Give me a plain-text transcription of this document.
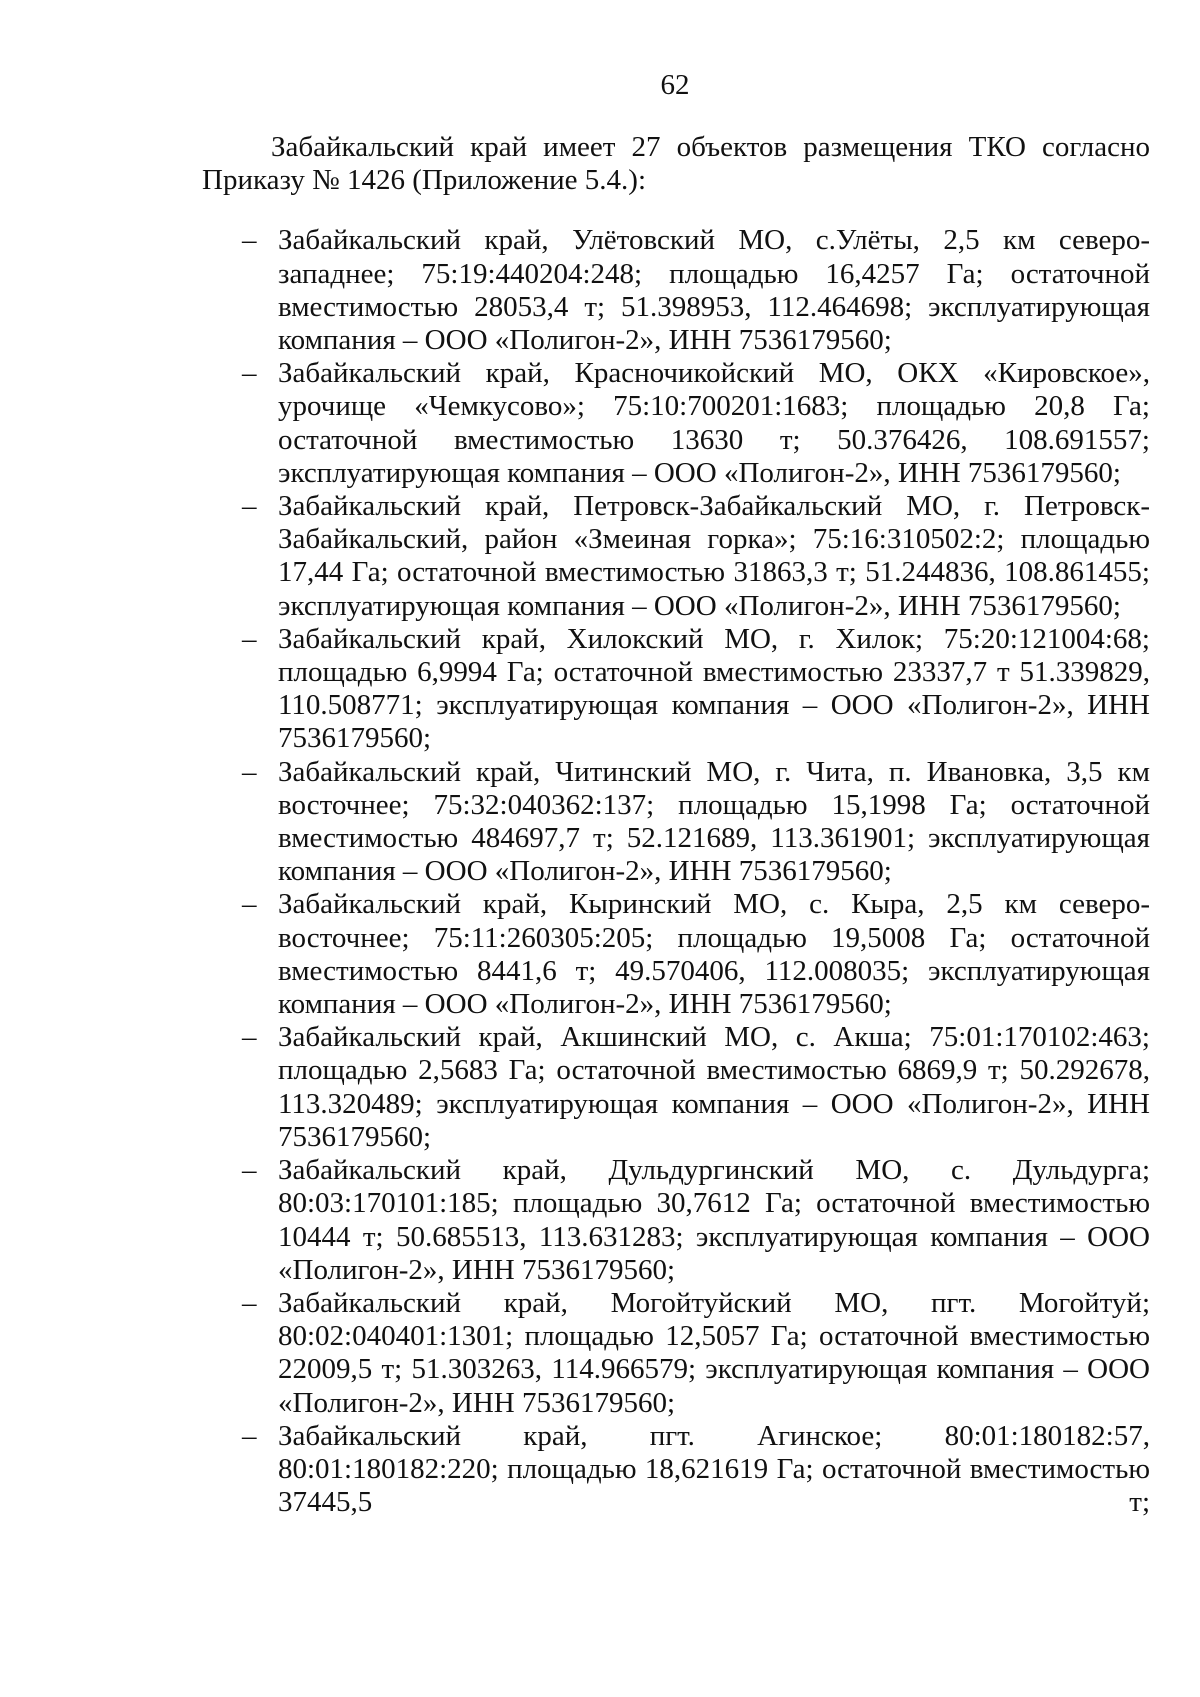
62

Забайкальский край имеет 27 объектов размещения ТКО согласно Приказу № 1426 (Приложение 5.4.):

– Забайкальский край, Улётовский МО, с.Улёты, 2,5 км северо-западнее; 75:19:440204:248; площадью 16,4257 Га; остаточной вместимостью 28053,4 т; 51.398953, 112.464698; эксплуатирующая компания – ООО «Полигон-2», ИНН 7536179560;
– Забайкальский край, Красночикойский МО, ОКХ «Кировское», урочище «Чемкусово»; 75:10:700201:1683; площадью 20,8 Га; остаточной вместимостью 13630 т; 50.376426, 108.691557; эксплуатирующая компания – ООО «Полигон-2», ИНН 7536179560;
– Забайкальский край, Петровск-Забайкальский МО, г. Петровск-Забайкальский, район «Змеиная горка»; 75:16:310502:2; площадью 17,44 Га; остаточной вместимостью 31863,3 т; 51.244836, 108.861455; эксплуатирующая компания – ООО «Полигон-2», ИНН 7536179560;
– Забайкальский край, Хилокский МО, г. Хилок; 75:20:121004:68; площадью 6,9994 Га; остаточной вместимостью 23337,7 т 51.339829, 110.508771; эксплуатирующая компания – ООО «Полигон-2», ИНН 7536179560;
– Забайкальский край, Читинский МО, г. Чита, п. Ивановка, 3,5 км восточнее; 75:32:040362:137; площадью 15,1998 Га; остаточной вместимостью 484697,7 т; 52.121689, 113.361901; эксплуатирующая компания – ООО «Полигон-2», ИНН 7536179560;
– Забайкальский край, Кыринский МО, с. Кыра, 2,5 км северо-восточнее; 75:11:260305:205; площадью 19,5008 Га; остаточной вместимостью 8441,6 т; 49.570406, 112.008035; эксплуатирующая компания – ООО «Полигон-2», ИНН 7536179560;
– Забайкальский край, Акшинский МО, с. Акша; 75:01:170102:463; площадью 2,5683 Га; остаточной вместимостью 6869,9 т; 50.292678, 113.320489; эксплуатирующая компания – ООО «Полигон-2», ИНН 7536179560;
– Забайкальский край, Дульдургинский МО, с. Дульдурга; 80:03:170101:185; площадью 30,7612 Га; остаточной вместимостью 10444 т; 50.685513, 113.631283; эксплуатирующая компания – ООО «Полигон-2», ИНН 7536179560;
– Забайкальский край, Могойтуйский МО, пгт. Могойтуй; 80:02:040401:1301; площадью 12,5057 Га; остаточной вместимостью 22009,5 т; 51.303263, 114.966579; эксплуатирующая компания – ООО «Полигон-2», ИНН 7536179560;
– Забайкальский край, пгт. Агинское; 80:01:180182:57, 80:01:180182:220; площадью 18,621619 Га; остаточной вместимостью 37445,5 т;
